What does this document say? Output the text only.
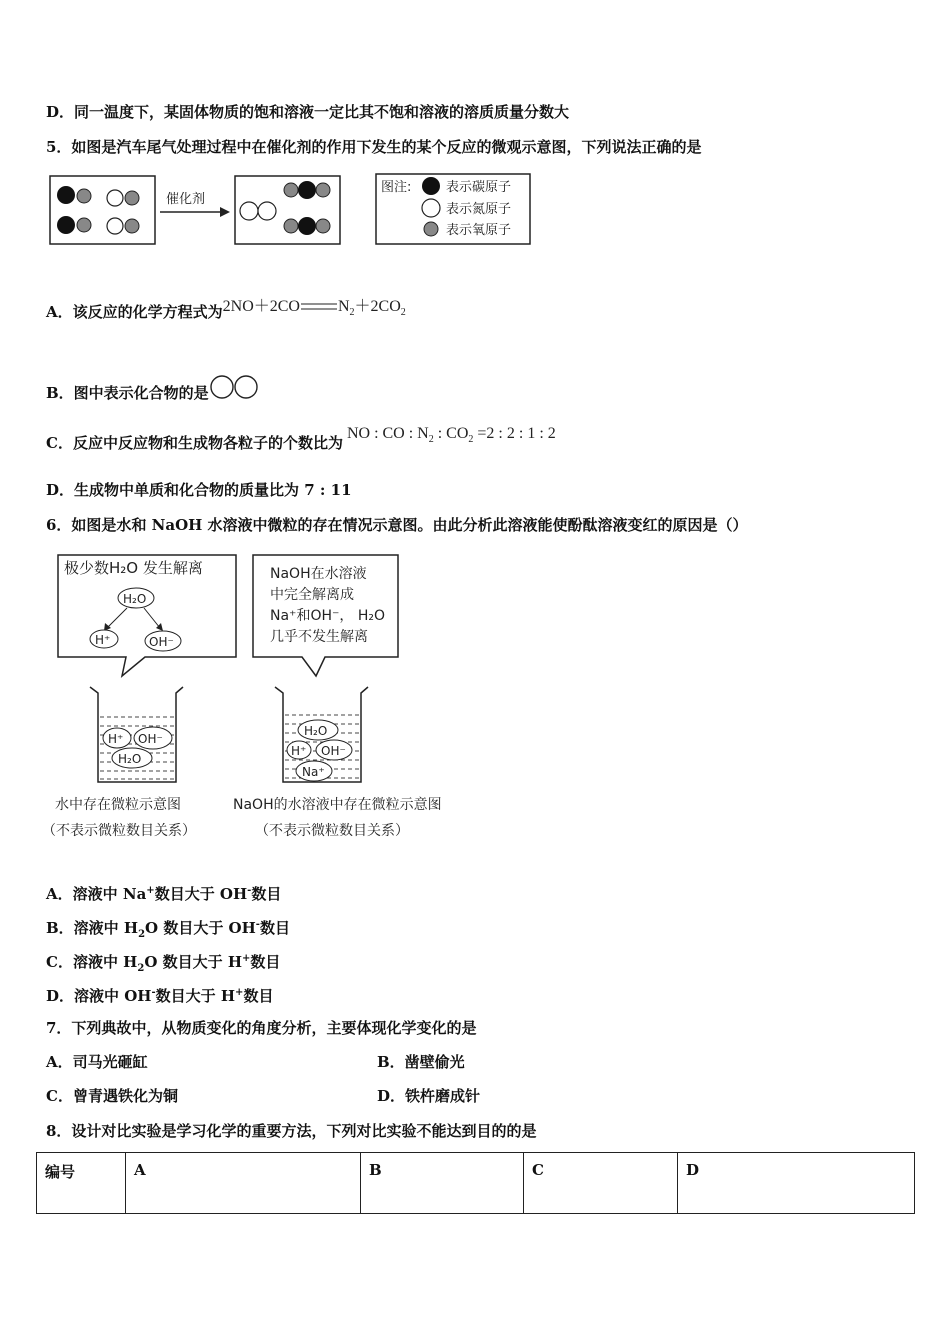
D．同一温度下，某固体物质的饱和溶液一定比其不饱和溶液的溶质质量分数大
5．如图是汽车尾气处理过程中在催化剂的作用下发生的某个反应的微观示意图，下列说法正确的是
催化剂
图注:	表示碳原子
表示氮原子
表示氧原子
A．该反应的化学方程式为2NO＋2CO $N_2+2CO_2$
B．图中表示化合物的是
C．反应中反应物和生成物各粒子的个数比为NO : CO : $N_2$ : $CO_2 =2$ : 2 : 1 : 2
D．生成物中单质和化合物的质量比为 7 : 11
6．如图是水和 NaOH 水溶液中微粒的存在情况示意图。由此分析此溶液能使酚酞溶液变红的原因是（）
极少数H₂O 发生解离
H₂O
H⁺	OH⁻
NaOH在水溶液
中完全解离成
Na⁺和OH⁻， H₂O
几乎不发生解离
H⁺ OH⁻
H₂O
H₂O
H⁺ OH⁻
Na⁺
水中存在微粒示意图
（不表示微粒数目关系）
NaOH的水溶液中存在微粒示意图
（不表示微粒数目关系）
A．溶液中 Na+数目大于 OH-数目
B．溶液中 $H_2O$ 数目大于 OH-数目
C．溶液中 $H_2O$ 数目大于 H+数目
D．溶液中 OH-数目大于 H+数目
7．下列典故中，从物质变化的角度分析，主要体现化学变化的是
A．司马光砸缸	B．凿壁偷光
C．曾青遇铁化为铜	D．铁杵磨成针
8．设计对比实验是学习化学的重要方法，下列对比实验不能达到目的的是
编号	A	B	C	D
